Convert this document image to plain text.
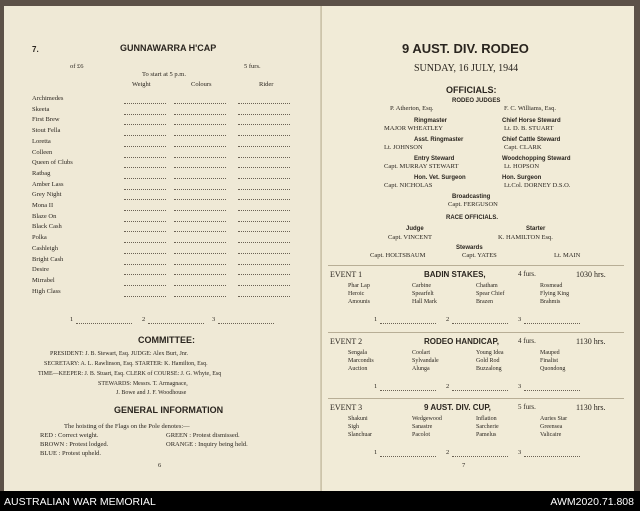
7.	GUNNAWARRA H'CAP
of £6	5 furs.
To start at 5 p.m.
Weight	Colours	Rider
Archimedes
Skeeta
First Brew
Stout Fella
Loretta
Colleen
Queen of Clubs
Ratbag
Amber Lass
Grey Night
Mona II
Blaze On
Black Cash
Polka
Cashleigh
Bright Cash
Desire
Mirrabel
High Class
1	2	3
COMMITTEE:
PRESIDENT: J. B. Stewart, Esq. JUDGE: Alex Burt, Jnr.
SECRETARY: A. L. Rawlinson, Esq. STARTER: K. Hamilton, Esq.
TIME—KEEPER: J. B. Stuart, Esq. CLERK of COURSE: J. G. Whyte, Esq
STEWARDS: Messrs. T. Armagnace,
J. Bowe and J. F. Woodhouse
GENERAL INFORMATION
The hoisting of the Flags on the Pole denotes:—
RED : Correct weight.	GREEN : Protest dismissed.
BROWN : Protest lodged.	ORANGE : Inquiry being held.
BLUE : Protest upheld.
6
9 AUST. DIV. RODEO
SUNDAY, 16 JULY, 1944
OFFICIALS:
RODEO JUDGES
P. Atherton, Esq.	F. C. Williams, Esq.
Ringmaster
MAJOR WHEATLEY
Chief Horse Steward
Lt. D. B. STUART
Asst. Ringmaster
Lt. JOHNSON
Chief Cattle Steward
Capt. CLARK
Entry Steward
Capt. MURRAY STEWART
Woodchopping Steward
Lt. HOPSON
Hon. Vet. Surgeon
Capt. NICHOLAS
Hon. Surgeon
Lt.Col. DORNEY D.S.O.
Broadcasting
Capt. FERGUSON
RACE OFFICIALS.
Judge
Capt. VINCENT
Starter
K. HAMILTON Esq.
Stewards
Capt. HOLTSBAUM	Capt. YATES	Lt. MAIN
EVENT 1	BADIN STAKES,	4 furs.	1030 hrs.
Phar Lap	Carbine	Chatham	Rosmead
Heroic	Spearfelt	Spear Chief	Flying King
Amounis	Hall Mark	Brazen	Brahmis
1	2	3
EVENT 2	RODEO HANDICAP,	4 furs.	1130 hrs.
Sengala	Coolart	Young Idea	Mauped
Marcondis	Sylvandale	Gold Rod	Finalist
Auction	Alunga	Buzzalong	Quondong
1	2	3
EVENT 3	9 AUST. DIV. CUP,	5 furs.	1130 hrs.
Shakuni	Wedgewood	Inflation	Auries Star
Sigh	Sanastre	Sarcherie	Greensea
Slanchuar	Pacolot	Pamelus	Valicaire
1	2	3
7
AUSTRALIAN WAR MEMORIAL	AWM2020.71.808
